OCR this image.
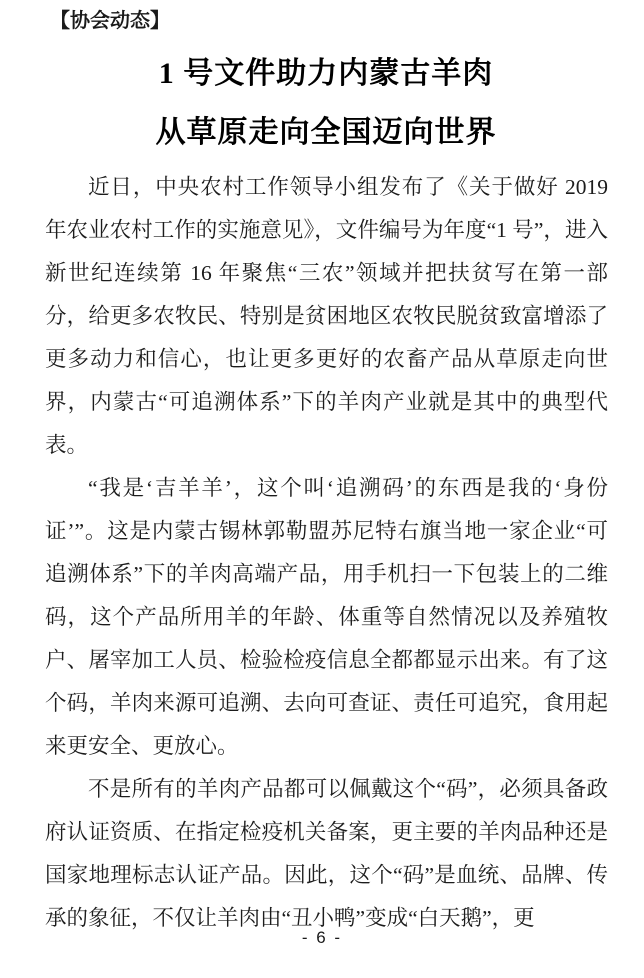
【协会动态】
1 号文件助力内蒙古羊肉
从草原走向全国迈向世界

近日，中央农村工作领导小组发布了《关于做好 2019 年农业农村工作的实施意见》，文件编号为年度“1 号”，进入新世纪连续第 16 年聚焦“三农”领域并把扶贫写在第一部分，给更多农牧民、特别是贫困地区农牧民脱贫致富增添了更多动力和信心，也让更多更好的农畜产品从草原走向世界，内蒙古“可追溯体系”下的羊肉产业就是其中的典型代表。

“我是‘吉羊羊’，这个叫‘追溯码’的东西是我的‘身份证’”。这是内蒙古锡林郭勒盟苏尼特右旗当地一家企业“可追溯体系”下的羊肉高端产品，用手机扫一下包装上的二维码，这个产品所用羊的年龄、体重等自然情况以及养殖牧户、屠宰加工人员、检验检疫信息全都都显示出来。有了这个码，羊肉来源可追溯、去向可查证、责任可追究，食用起来更安全、更放心。

不是所有的羊肉产品都可以佩戴这个“码”，必须具备政府认证资质、在指定检疫机关备案，更主要的羊肉品种还是国家地理标志认证产品。因此，这个“码”是血统、品牌、传承的象征，不仅让羊肉由“丑小鸭”变成“白天鹅”，更

- 6 -
